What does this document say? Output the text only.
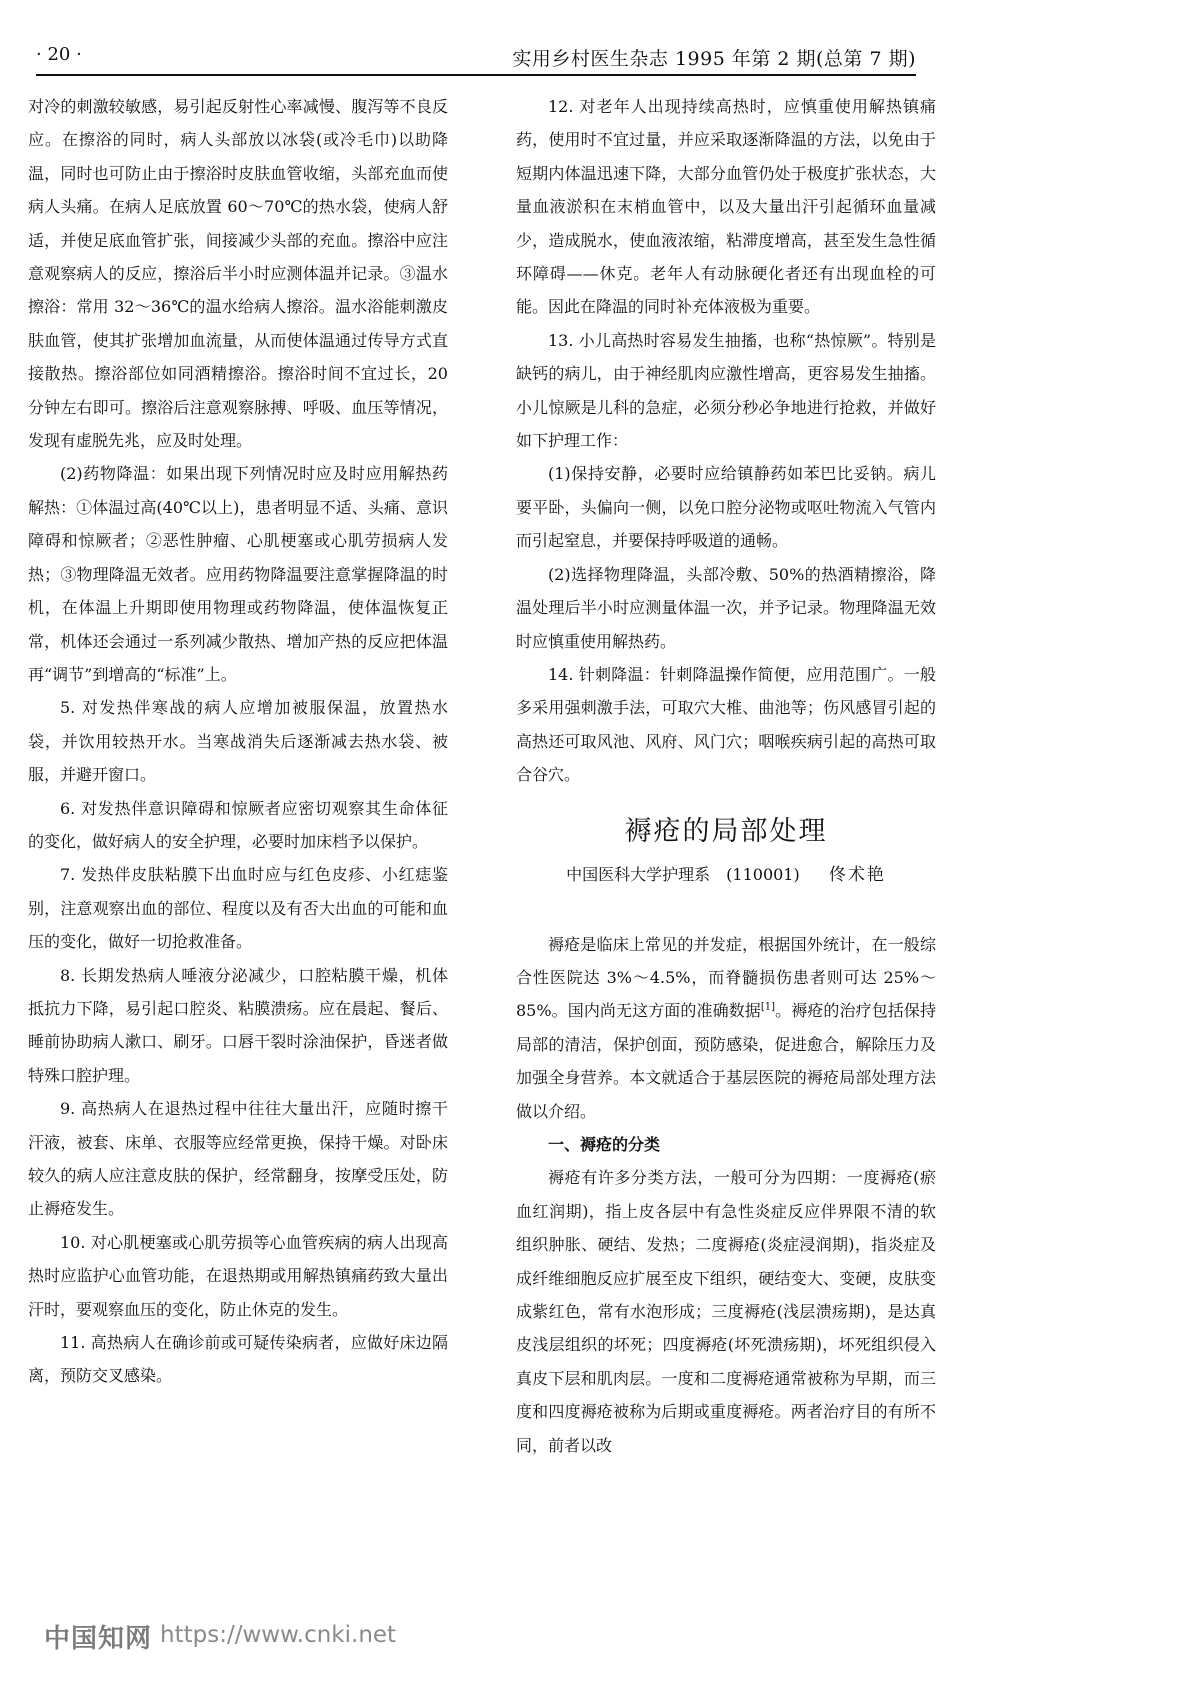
· 20 ·	实用乡村医生杂志 1995 年第 2 期(总第 7 期)

对冷的刺激较敏感，易引起反射性心率减慢、腹泻等不良反应。在擦浴的同时，病人头部放以冰袋(或冷毛巾)以助降温，同时也可防止由于擦浴时皮肤血管收缩，头部充血而使病人头痛。在病人足底放置 60～70℃的热水袋，使病人舒适，并使足底血管扩张，间接减少头部的充血。擦浴中应注意观察病人的反应，擦浴后半小时应测体温并记录。③温水擦浴：常用 32～36℃的温水给病人擦浴。温水浴能刺激皮肤血管，使其扩张增加血流量，从而使体温通过传导方式直接散热。擦浴部位如同酒精擦浴。擦浴时间不宜过长，20 分钟左右即可。擦浴后注意观察脉搏、呼吸、血压等情况，发现有虚脱先兆，应及时处理。

(2)药物降温：如果出现下列情况时应及时应用解热药解热：①体温过高(40℃以上)，患者明显不适、头痛、意识障碍和惊厥者；②恶性肿瘤、心肌梗塞或心肌劳损病人发热；③物理降温无效者。应用药物降温要注意掌握降温的时机，在体温上升期即使用物理或药物降温，使体温恢复正常，机体还会通过一系列减少散热、增加产热的反应把体温再“调节”到增高的“标准”上。

5. 对发热伴寒战的病人应增加被服保温，放置热水袋，并饮用较热开水。当寒战消失后逐渐减去热水袋、被服，并避开窗口。

6. 对发热伴意识障碍和惊厥者应密切观察其生命体征的变化，做好病人的安全护理，必要时加床档予以保护。

7. 发热伴皮肤粘膜下出血时应与红色皮疹、小红痣鉴别，注意观察出血的部位、程度以及有否大出血的可能和血压的变化，做好一切抢救准备。

8. 长期发热病人唾液分泌减少，口腔粘膜干燥，机体抵抗力下降，易引起口腔炎、粘膜溃疡。应在晨起、餐后、睡前协助病人漱口、刷牙。口唇干裂时涂油保护，昏迷者做特殊口腔护理。

9. 高热病人在退热过程中往往大量出汗，应随时擦干汗液，被套、床单、衣服等应经常更换，保持干燥。对卧床较久的病人应注意皮肤的保护，经常翻身，按摩受压处，防止褥疮发生。

10. 对心肌梗塞或心肌劳损等心血管疾病的病人出现高热时应监护心血管功能，在退热期或用解热镇痛药致大量出汗时，要观察血压的变化，防止休克的发生。

11. 高热病人在确诊前或可疑传染病者，应做好床边隔离，预防交叉感染。

12. 对老年人出现持续高热时，应慎重使用解热镇痛药，使用时不宜过量，并应采取逐渐降温的方法，以免由于短期内体温迅速下降，大部分血管仍处于极度扩张状态，大量血液淤积在末梢血管中，以及大量出汗引起循环血量减少，造成脱水，使血液浓缩，粘滞度增高，甚至发生急性循环障碍——休克。老年人有动脉硬化者还有出现血栓的可能。因此在降温的同时补充体液极为重要。

13. 小儿高热时容易发生抽搐，也称“热惊厥”。特别是缺钙的病儿，由于神经肌肉应激性增高，更容易发生抽搐。小儿惊厥是儿科的急症，必须分秒必争地进行抢救，并做好如下护理工作：

(1)保持安静，必要时应给镇静药如苯巴比妥钠。病儿要平卧，头偏向一侧，以免口腔分泌物或呕吐物流入气管内而引起窒息，并要保持呼吸道的通畅。

(2)选择物理降温，头部冷敷、50%的热酒精擦浴，降温处理后半小时应测量体温一次，并予记录。物理降温无效时应慎重使用解热药。

14. 针刺降温：针刺降温操作简便，应用范围广。一般多采用强刺激手法，可取穴大椎、曲池等；伤风感冒引起的高热还可取风池、风府、风门穴；咽喉疾病引起的高热可取合谷穴。

褥疮的局部处理
中国医科大学护理系　(110001) 佟术艳

褥疮是临床上常见的并发症，根据国外统计，在一般综合性医院达 3%～4.5%，而脊髓损伤患者则可达 25%～85%。国内尚无这方面的准确数据[1]。褥疮的治疗包括保持局部的清洁，保护创面，预防感染，促进愈合，解除压力及加强全身营养。本文就适合于基层医院的褥疮局部处理方法做以介绍。

一、褥疮的分类

褥疮有许多分类方法，一般可分为四期：一度褥疮(瘀血红润期)，指上皮各层中有急性炎症反应伴界限不清的软组织肿胀、硬结、发热；二度褥疮(炎症浸润期)，指炎症及成纤维细胞反应扩展至皮下组织，硬结变大、变硬，皮肤变成紫红色，常有水泡形成；三度褥疮(浅层溃疡期)，是达真皮浅层组织的坏死；四度褥疮(坏死溃疡期)，坏死组织侵入真皮下层和肌肉层。一度和二度褥疮通常被称为早期，而三度和四度褥疮被称为后期或重度褥疮。两者治疗目的有所不同，前者以改

中国知网 https://www.cnki.net
